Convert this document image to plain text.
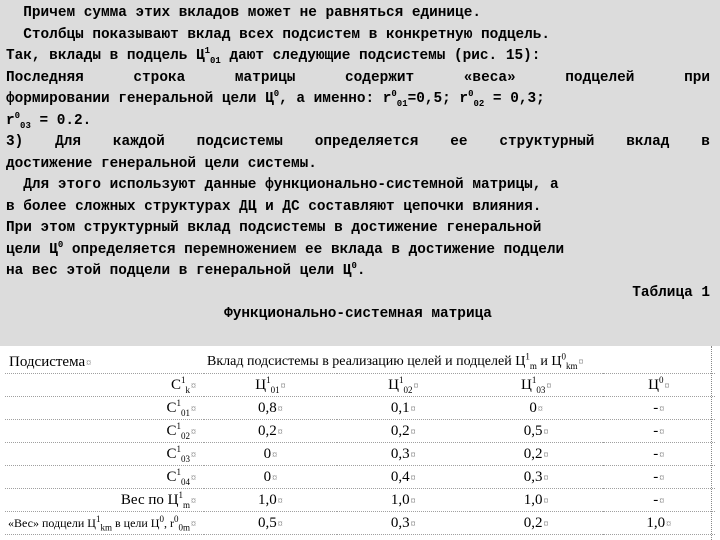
Причем сумма этих вкладов может не равняться единице.
Столбцы показывают вклад всех подсистем в конкретную подцель.
Так, вклады в подцель $Ц^1_{01}$ дают следующие подсистемы (рис. 15):
Последняя	строка	матрицы	содержит	«веса»	подцелей	при
формировании генеральной цели $Ц^0$, а именно: $r^0_{01}=0,5$; $r^0_{02} = 0,3$;
$r^0_{03} = 0.2$.
3) Для каждой подсистемы определяется ее структурный вклад в
достижение генеральной цели системы.
Для этого используют данные функционально-системной матрицы, а
в более сложных структурах ДЦ и ДС составляют цепочки влияния.
При этом структурный вклад подсистемы в достижение генеральной
цели $Ц^0$ определяется перемножением ее вклада в достижение подцели
на вес этой подцели в генеральной цели $Ц^0$.
Таблица 1
Функционально-системная матрица
Подсистема¤	Вклад подсистемы в реализацию целей и подцелей $Ц^1_m$ и $Ц^0_{km}¤$			
$C^1_k¤$	$Ц^1_{01}¤$	$Ц^1_{02}¤$	$Ц^1_{03}¤$	$Ц^0¤$
$C^1_{01}¤$	0,8¤	0,1¤	0¤	-¤
$C^1_{02}¤$	0,2¤	0,2¤	0,5¤	-¤
$C^1_{03}¤$	0¤	0,3¤	0,2¤	-¤
$C^1_{04}¤$	0¤	0,4¤	0,3¤	-¤
Вес по $Ц^1_m¤$	1,0¤	1,0¤	1,0¤	-¤
«Вес» подцели $Ц^1_{km}$ в цели $Ц^0$, $r^0_{0m}¤$	0,5¤	0,3¤	0,2¤	1,0¤
